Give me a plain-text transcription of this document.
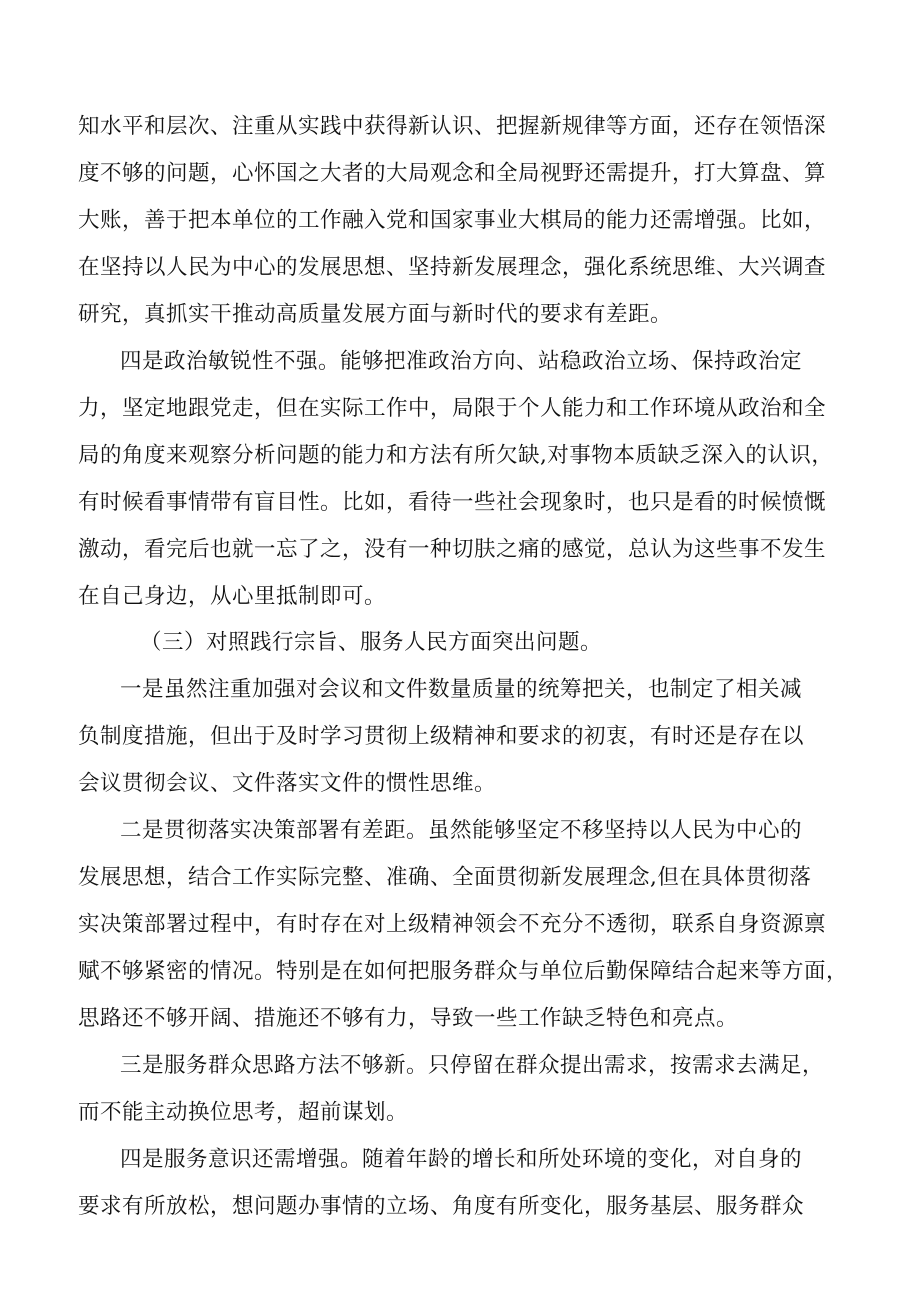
知水平和层次、注重从实践中获得新认识、把握新规律等方面，还存在领悟深

度不够的问题，心怀国之大者的大局观念和全局视野还需提升，打大算盘、算

大账，善于把本单位的工作融入党和国家事业大棋局的能力还需增强。比如，

在坚持以人民为中心的发展思想、坚持新发展理念，强化系统思维、大兴调查

研究，真抓实干推动高质量发展方面与新时代的要求有差距。

四是政治敏锐性不强。能够把准政治方向、站稳政治立场、保持政治定

力，坚定地跟党走，但在实际工作中，局限于个人能力和工作环境从政治和全

局的角度来观察分析问题的能力和方法有所欠缺,对事物本质缺乏深入的认识，

有时候看事情带有盲目性。比如，看待一些社会现象时，也只是看的时候愤慨

激动，看完后也就一忘了之，没有一种切肤之痛的感觉，总认为这些事不发生

在自己身边，从心里抵制即可。

（三）对照践行宗旨、服务人民方面突出问题。

一是虽然注重加强对会议和文件数量质量的统筹把关，也制定了相关减

负制度措施，但出于及时学习贯彻上级精神和要求的初衷，有时还是存在以

会议贯彻会议、文件落实文件的惯性思维。

二是贯彻落实决策部署有差距。虽然能够坚定不移坚持以人民为中心的

发展思想，结合工作实际完整、准确、全面贯彻新发展理念,但在具体贯彻落

实决策部署过程中，有时存在对上级精神领会不充分不透彻，联系自身资源禀

赋不够紧密的情况。特别是在如何把服务群众与单位后勤保障结合起来等方面，

思路还不够开阔、措施还不够有力，导致一些工作缺乏特色和亮点。

三是服务群众思路方法不够新。只停留在群众提出需求，按需求去满足，

而不能主动换位思考，超前谋划。

四是服务意识还需增强。随着年龄的增长和所处环境的变化，对自身的

要求有所放松，想问题办事情的立场、角度有所变化，服务基层、服务群众
